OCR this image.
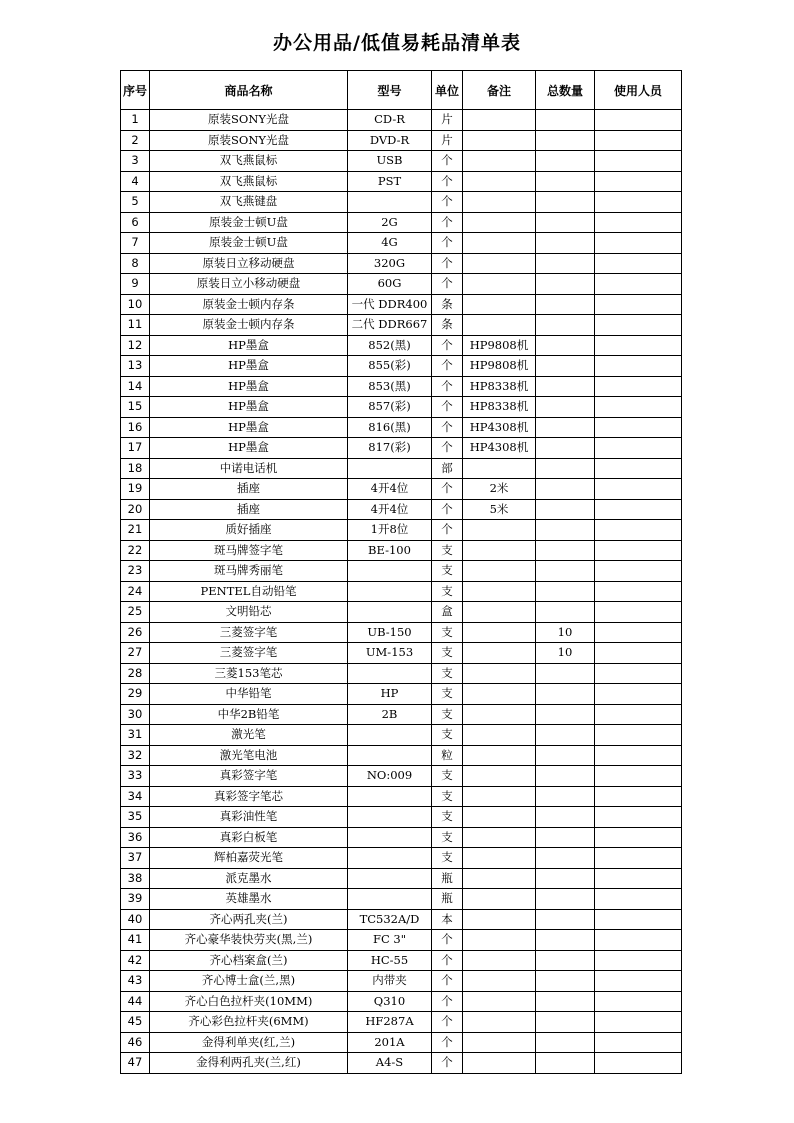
办公用品/低值易耗品清单表
序号	商品名称	型号	单位	备注	总数量	使用人员
1	原装SONY光盘	CD-R	片			
2	原装SONY光盘	DVD-R	片			
3	双飞燕鼠标	USB	个			
4	双飞燕鼠标	PST	个			
5	双飞燕键盘		个			
6	原装金士顿U盘	2G	个			
7	原装金士顿U盘	4G	个			
8	原装日立移动硬盘	320G	个			
9	原装日立小移动硬盘	60G	个			
10	原装金士顿内存条	一代 DDR400	条			
11	原装金士顿内存条	二代 DDR667	条			
12	HP墨盒	852(黑)	个	HP9808机		
13	HP墨盒	855(彩)	个	HP9808机		
14	HP墨盒	853(黑)	个	HP8338机		
15	HP墨盒	857(彩)	个	HP8338机		
16	HP墨盒	816(黑)	个	HP4308机		
17	HP墨盒	817(彩)	个	HP4308机		
18	中诺电话机		部			
19	插座	4开4位	个	2米		
20	插座	4开4位	个	5米		
21	质好插座	1开8位	个			
22	斑马牌签字笔	BE-100	支			
23	斑马牌秀丽笔		支			
24	PENTEL自动铅笔		支			
25	文明铅芯		盒			
26	三菱签字笔	UB-150	支		10	
27	三菱签字笔	UM-153	支		10	
28	三菱153笔芯		支			
29	中华铅笔	HP	支			
30	中华2B铅笔	2B	支			
31	激光笔		支			
32	激光笔电池		粒			
33	真彩签字笔	NO:009	支			
34	真彩签字笔芯		支			
35	真彩油性笔		支			
36	真彩白板笔		支			
37	辉柏嘉荧光笔		支			
38	派克墨水		瓶			
39	英雄墨水		瓶			
40	齐心两孔夹(兰)	TC532A/D	本			
41	齐心豪华装快劳夹(黑,兰)	FC 3"	个			
42	齐心档案盒(兰)	HC-55	个			
43	齐心博士盒(兰,黑)	内带夹	个			
44	齐心白色拉杆夹(10MM)	Q310	个			
45	齐心彩色拉杆夹(6MM)	HF287A	个			
46	金得利单夹(红,兰)	201A	个			
47	金得利两孔夹(兰,红)	A4-S	个			
